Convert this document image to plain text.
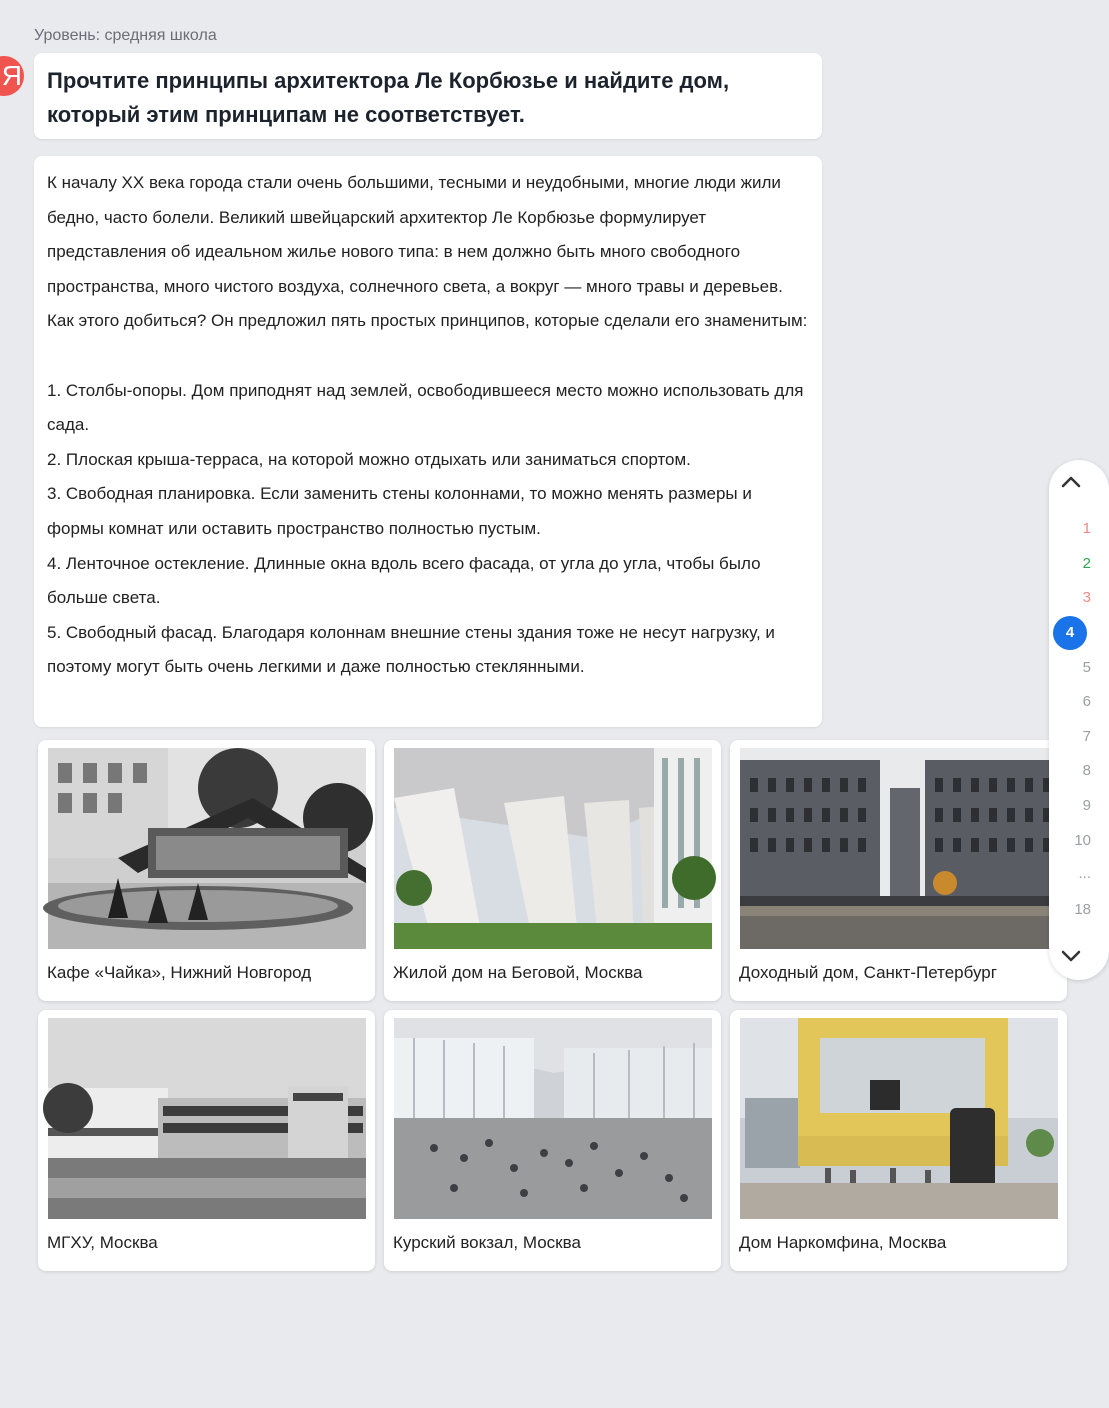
Уровень: средняя школа
Я Прочтите принципы архитектора Ле Корбюзье и найдите дом, который этим принципам не соответствует.

К началу XX века города стали очень большими, тесными и неудобными, многие люди жили бедно, часто болели. Великий швейцарский архитектор Ле Корбюзье формулирует представления об идеальном жилье нового типа: в нем должно быть много свободного пространства, много чистого воздуха, солнечного света, а вокруг — много травы и деревьев. Как этого добиться? Он предложил пять простых принципов, которые сделали его знаменитым:

1. Столбы-опоры. Дом приподнят над землей, освободившееся место можно использовать для сада.

2. Плоская крыша-терраса, на которой можно отдыхать или заниматься спортом.

3. Свободная планировка. Если заменить стены колоннами, то можно менять размеры и формы комнат или оставить пространство полностью пустым.

4. Ленточное остекление. Длинные окна вдоль всего фасада, от угла до угла, чтобы было больше света.

5. Свободный фасад. Благодаря колоннам внешние стены здания тоже не несут нагрузку, и поэтому могут быть очень легкими и даже полностью стеклянными.

Кафе «Чайка», Нижний Новгород	Жилой дом на Беговой, Москва	Доходный дом, Санкт-Петербург
МГХУ, Москва	Курский вокзал, Москва	Дом Наркомфина, Москва
1
2
3
4
5
6
7
8
9
10
...
18
